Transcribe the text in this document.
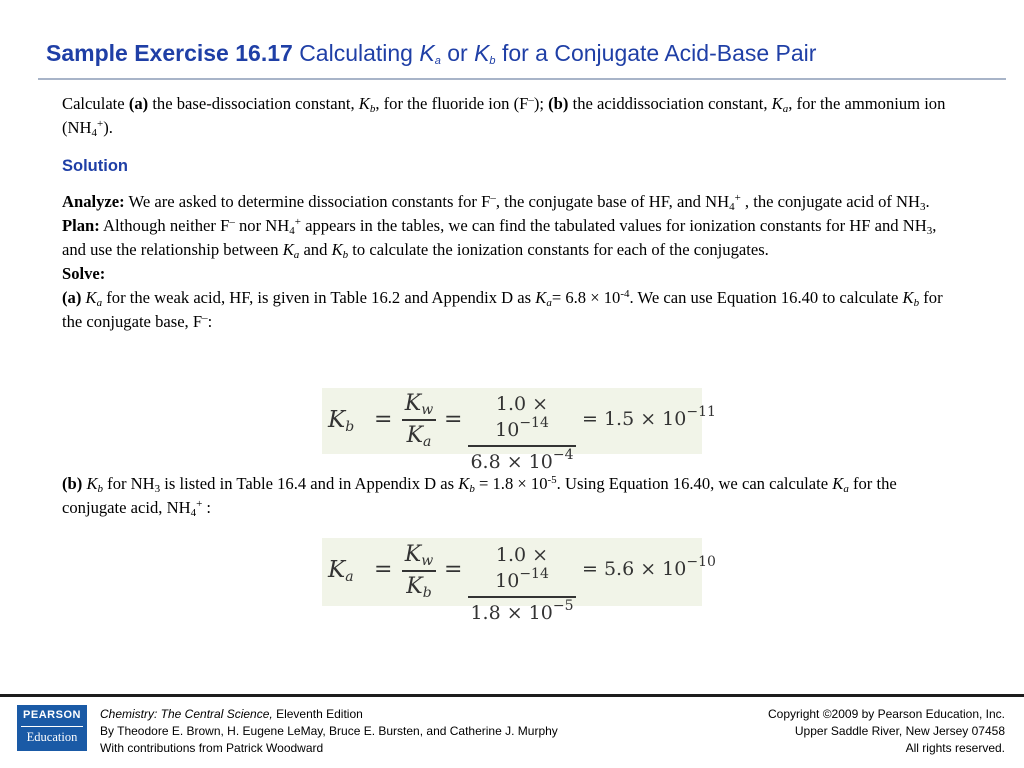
Sample Exercise 16.17 Calculating $K_a$ or $K_b$ for a Conjugate Acid-Base Pair

Calculate (a) the base-dissociation constant, $K_b$, for the fluoride ion (F–); (b) the aciddissociation constant, $K_a$, for the ammonium ion $(NH_4^+)$.

Solution

Analyze: We are asked to determine dissociation constants for F–, the conjugate base of HF, and $NH_4^+$ , the conjugate acid of $NH_3$.

Plan: Although neither F– nor $NH_4^+$ appears in the tables, we can find the tabulated values for ionization constants for HF and $NH_3$, and use the relationship between $K_a$ and $K_b$ to calculate the ionization constants for each of the conjugates.

Solve:

(a) $K_a$ for the weak acid, HF, is given in Table 16.2 and Appendix D as $K_a= 6.8 \times 10^{-4}$. We can use Equation 16.40 to calculate $K_b$ for the conjugate base, F–:

$K_b$ =
$K_w$
$K_a$
=
$1.0 \times 10^{-14}$
$6.8 \times 10^{-4}$
= $1.5 \times 10^{-11}$

(b) $K_b$ for $NH_3$ is listed in Table 16.4 and in Appendix D as $K_b = 1.8 \times 10^{-5}$. Using Equation 16.40, we can calculate $K_a$ for the conjugate acid, $NH_4^+$ :

$K_a$ =
$K_w$
$K_b$
=
$1.0 \times 10^{-14}$
$1.8 \times 10^{-5}$
= $5.6 \times 10^{-10}$
PEARSON
Education
Chemistry: The Central Science, Eleventh Edition
By Theodore E. Brown, H. Eugene LeMay, Bruce E. Bursten, and Catherine J. Murphy
With contributions from Patrick Woodward
Copyright ©2009 by Pearson Education, Inc.
Upper Saddle River, New Jersey 07458
All rights reserved.
